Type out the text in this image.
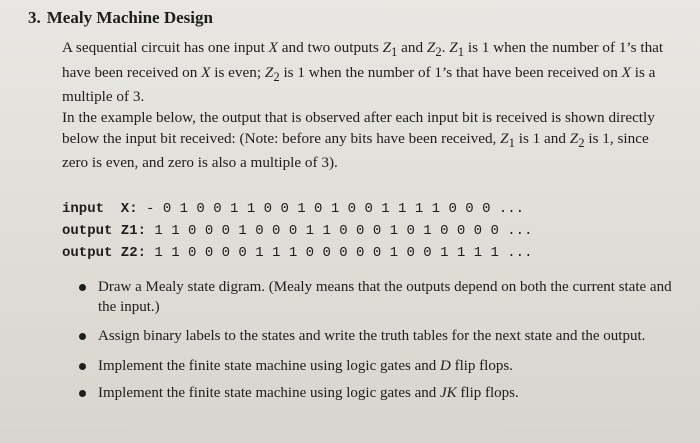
3. Mealy Machine Design
A sequential circuit has one input X and two outputs $Z_1$ and $Z_2$. $Z_1$ is 1 when the number of 1’s that have been received on X is even; $Z_2$ is 1 when the number of 1’s that have been received on X is a multiple of 3.
In the example below, the output that is observed after each input bit is received is shown directly below the input bit received: (Note: before any bits have been received, $Z_1$ is 1 and $Z_2$ is 1, since zero is even, and zero is also a multiple of 3).
input  X: - 0 1 0 0 1 1 0 0 1 0 1 0 0 1 1 1 1 0 0 0 ...
output Z1: 1 1 0 0 0 1 0 0 0 1 1 0 0 0 1 0 1 0 0 0 0 ...
output Z2: 1 1 0 0 0 0 1 1 1 0 0 0 0 0 1 0 0 1 1 1 1 ...
Draw a Mealy state digram. (Mealy means that the outputs depend on both the current state and the input.)
Assign binary labels to the states and write the truth tables for the next state and the output.
Implement the finite state machine using logic gates and D flip flops.
Implement the finite state machine using logic gates and JK flip flops.
